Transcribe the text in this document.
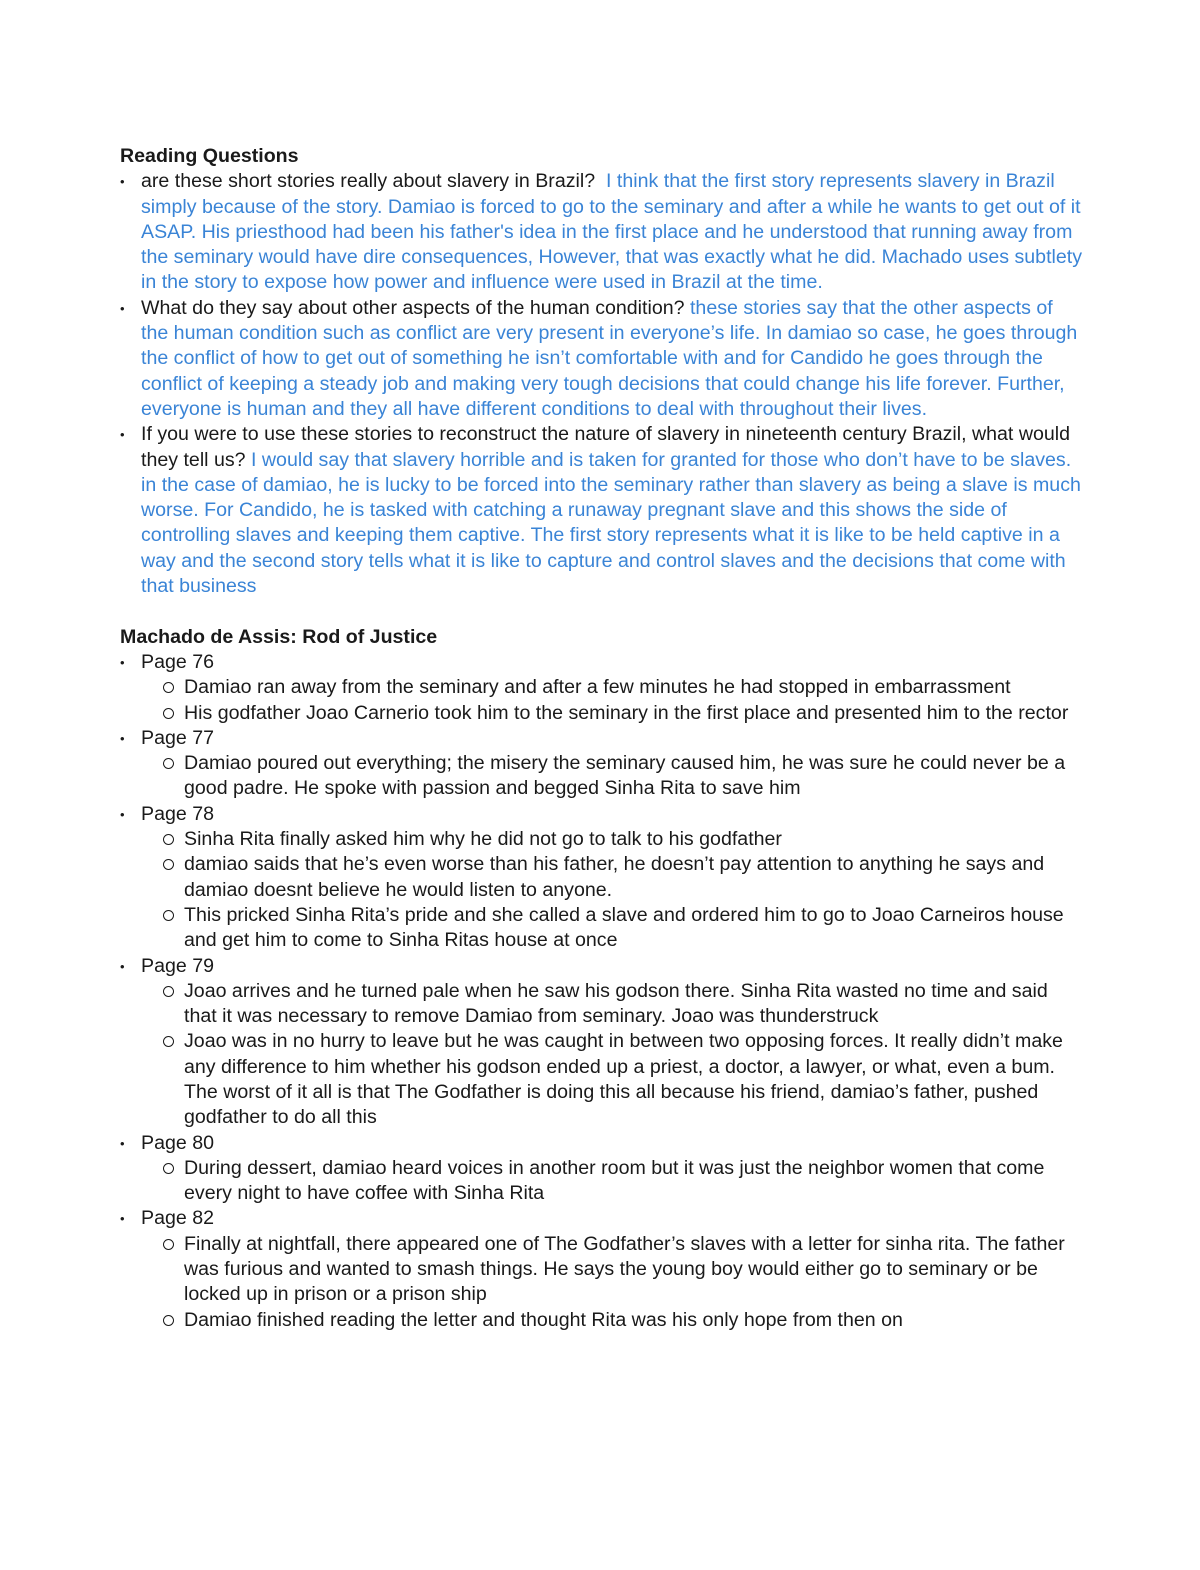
Reading Questions
• are these short stories really about slavery in Brazil? I think that the first story represents slavery in Brazil simply because of the story. Damiao is forced to go to the seminary and after a while he wants to get out of it ASAP. His priesthood had been his father's idea in the first place and he understood that running away from the seminary would have dire consequences, However, that was exactly what he did. Machado uses subtlety in the story to expose how power and influence were used in Brazil at the time.
• What do they say about other aspects of the human condition? these stories say that the other aspects of the human condition such as conflict are very present in everyone’s life. In damiao so case, he goes through the conflict of how to get out of something he isn’t comfortable with and for Candido he goes through the conflict of keeping a steady job and making very tough decisions that could change his life forever. Further, everyone is human and they all have different conditions to deal with throughout their lives.
• If you were to use these stories to reconstruct the nature of slavery in nineteenth century Brazil, what would they tell us? I would say that slavery horrible and is taken for granted for those who don’t have to be slaves. in the case of damiao, he is lucky to be forced into the seminary rather than slavery as being a slave is much worse. For Candido, he is tasked with catching a runaway pregnant slave and this shows the side of controlling slaves and keeping them captive. The first story represents what it is like to be held captive in a way and the second story tells what it is like to capture and control slaves and the decisions that come with that business
Machado de Assis: Rod of Justice
• Page 76
Damiao ran away from the seminary and after a few minutes he had stopped in embarrassment
His godfather Joao Carnerio took him to the seminary in the first place and presented him to the rector
• Page 77
Damiao poured out everything; the misery the seminary caused him, he was sure he could never be a good padre. He spoke with passion and begged Sinha Rita to save him
• Page 78
Sinha Rita finally asked him why he did not go to talk to his godfather
damiao saids that he’s even worse than his father, he doesn’t pay attention to anything he says and damiao doesnt believe he would listen to anyone.
This pricked Sinha Rita’s pride and she called a slave and ordered him to go to Joao Carneiros house and get him to come to Sinha Ritas house at once
• Page 79
Joao arrives and he turned pale when he saw his godson there. Sinha Rita wasted no time and said that it was necessary to remove Damiao from seminary. Joao was thunderstruck
Joao was in no hurry to leave but he was caught in between two opposing forces. It really didn’t make any difference to him whether his godson ended up a priest, a doctor, a lawyer, or what, even a bum. The worst of it all is that The Godfather is doing this all because his friend, damiao’s father, pushed godfather to do all this
• Page 80
During dessert, damiao heard voices in another room but it was just the neighbor women that come every night to have coffee with Sinha Rita
• Page 82
Finally at nightfall, there appeared one of The Godfather’s slaves with a letter for sinha rita. The father was furious and wanted to smash things. He says the young boy would either go to seminary or be locked up in prison or a prison ship
Damiao finished reading the letter and thought Rita was his only hope from then on
